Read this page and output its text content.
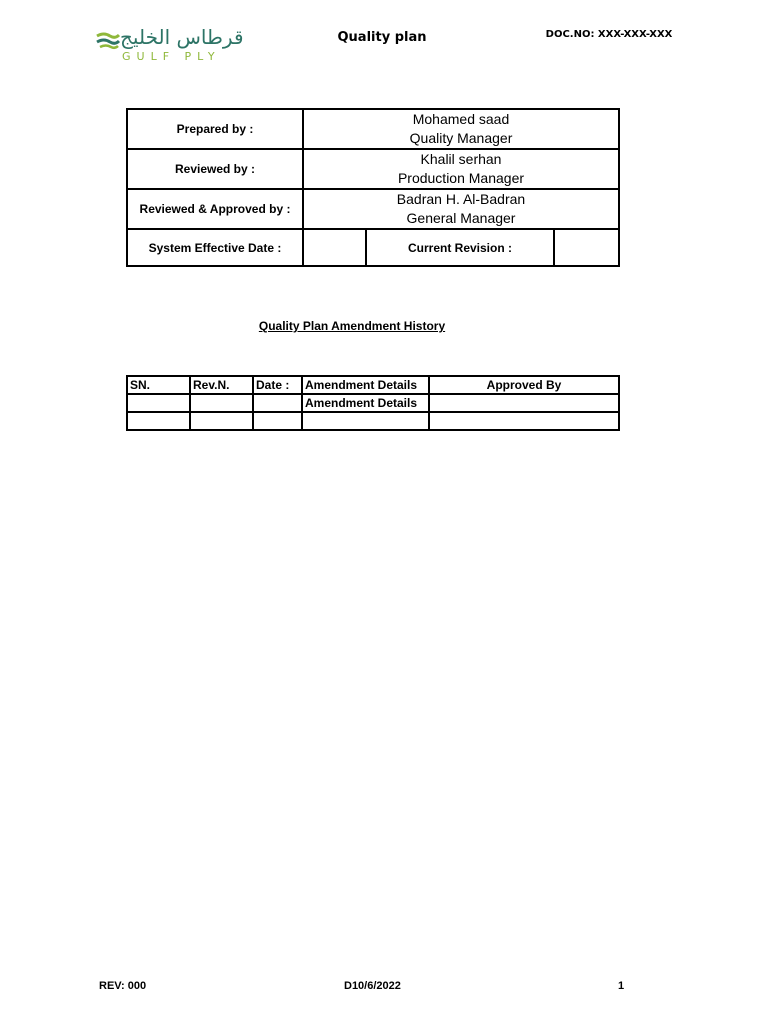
قرطاس الخليج
GULF PLY
Quality plan	DOC.NO: XXX-XXX-XXX
Prepared by :	Mohamed saad
Quality Manager		

Reviewed by :	Khalil serhan
Production Manager		

Reviewed & Approved by :	Badran H. Al-Badran
General Manager		

System Effective Date :		Current Revision :	
Quality Plan Amendment History
SN.	Rev.N.	Date :	Amendment Details	Approved By
			Amendment Details	

REV: 000	D10/6/2022	1
